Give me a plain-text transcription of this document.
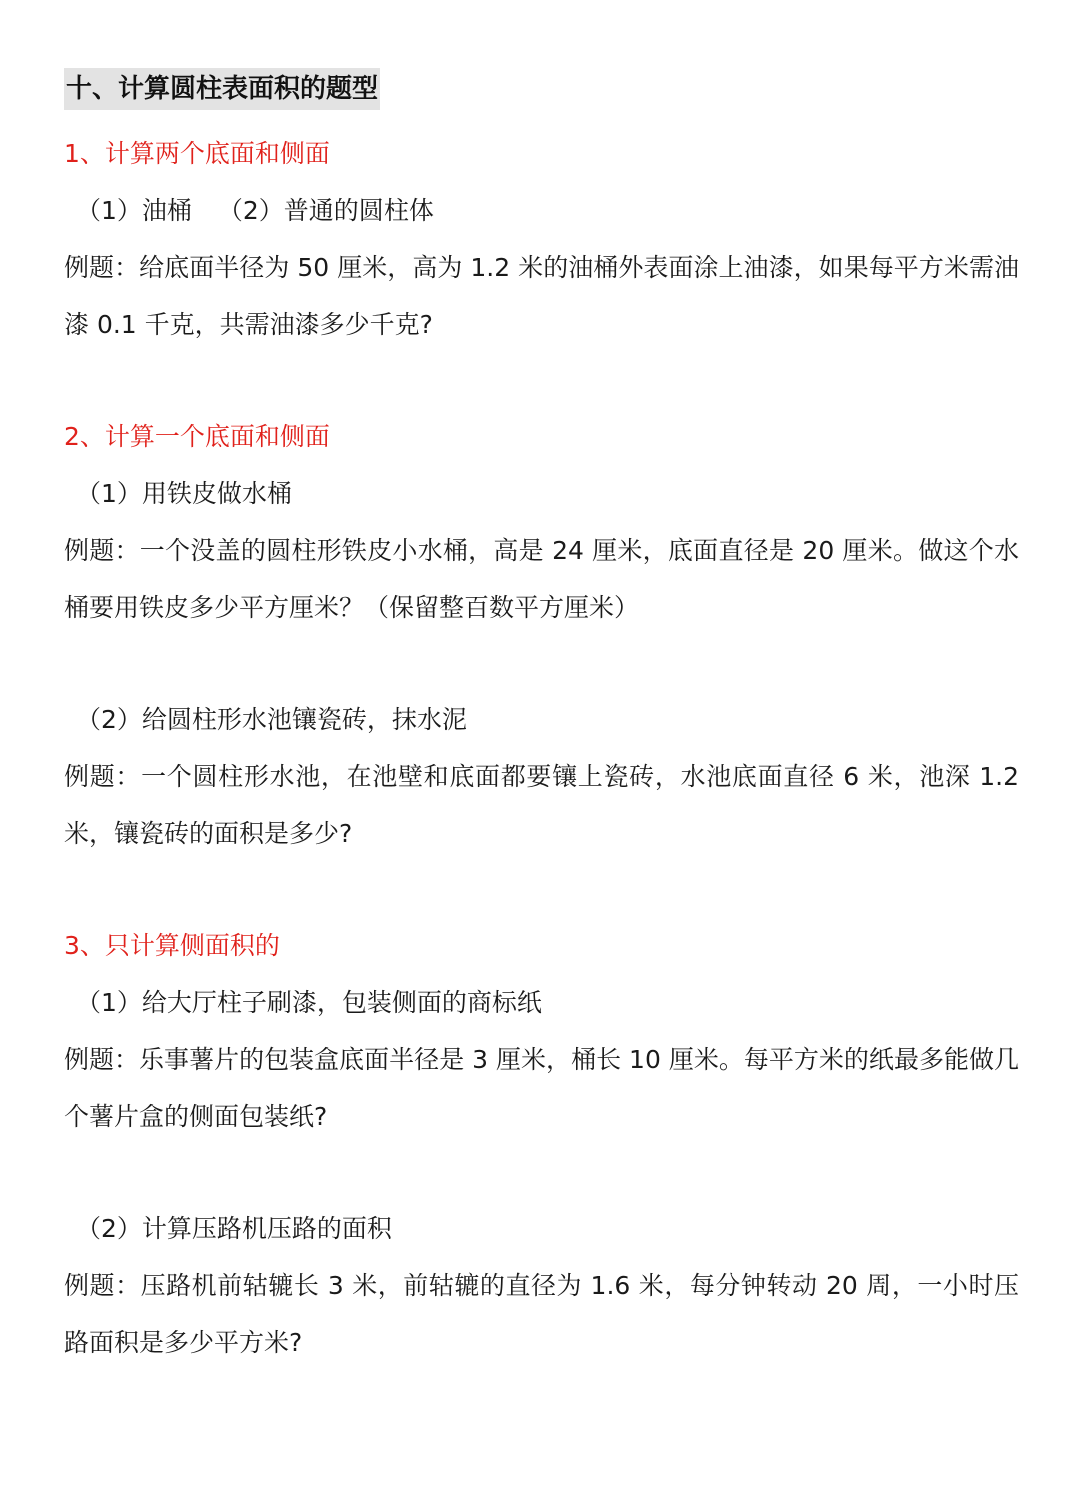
十、计算圆柱表面积的题型
1、计算两个底面和侧面
（1）油桶 （2）普通的圆柱体
例题：给底面半径为 50 厘米，高为 1.2 米的油桶外表面涂上油漆，如果每平方米需油漆 0.1 千克，共需油漆多少千克?
2、计算一个底面和侧面
（1）用铁皮做水桶
例题：一个没盖的圆柱形铁皮小水桶，高是 24 厘米，底面直径是 20 厘米。做这个水桶要用铁皮多少平方厘米？（保留整百数平方厘米）
（2）给圆柱形水池镶瓷砖，抹水泥
例题：一个圆柱形水池，在池壁和底面都要镶上瓷砖，水池底面直径 6 米，池深 1.2 米，镶瓷砖的面积是多少?
3、只计算侧面积的
（1）给大厅柱子刷漆，包装侧面的商标纸
例题：乐事薯片的包装盒底面半径是 3 厘米，桶长 10 厘米。每平方米的纸最多能做几个薯片盒的侧面包装纸?
（2）计算压路机压路的面积
例题：压路机前轱辘长 3 米，前轱辘的直径为 1.6 米，每分钟转动 20 周，一小时压路面积是多少平方米?
